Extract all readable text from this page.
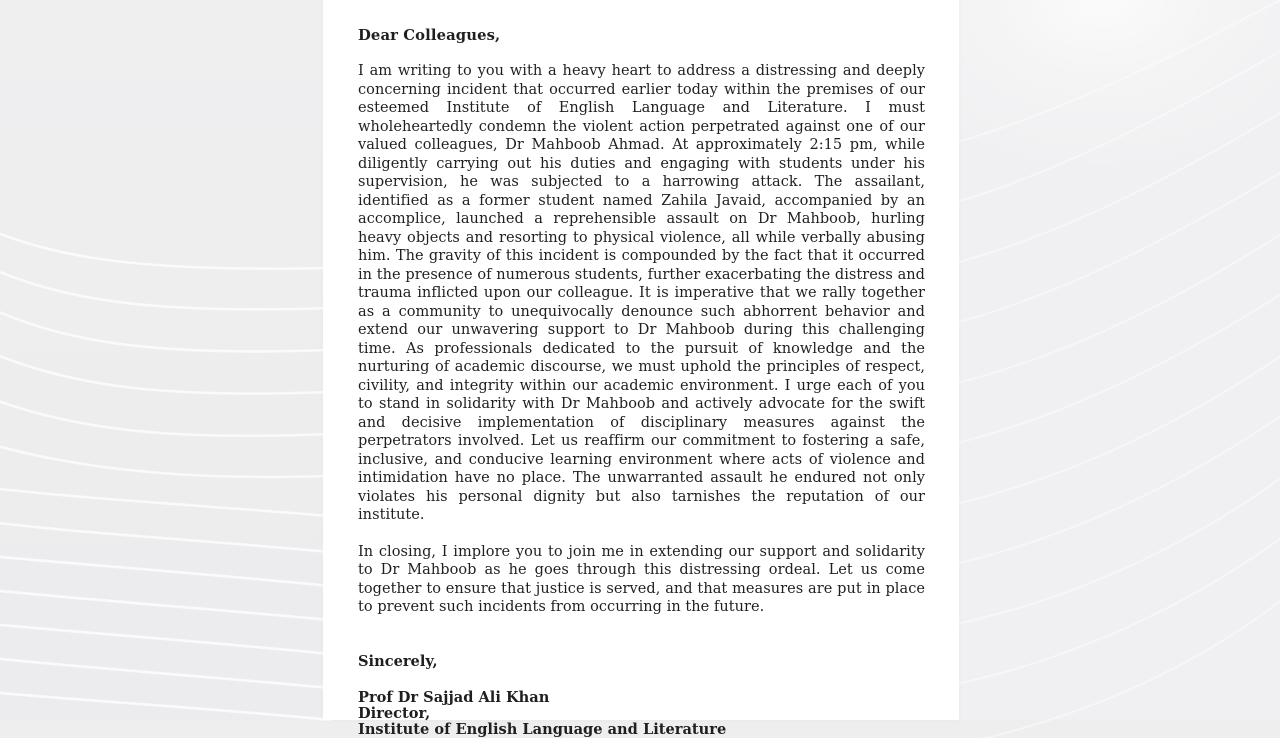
Dear Colleagues,

I am writing to you with a heavy heart to address a distressing and deeply concerning incident that occurred earlier today within the premises of our esteemed Institute of English Language and Literature. I must wholeheartedly condemn the violent action perpetrated against one of our valued colleagues, Dr Mahboob Ahmad. At approximately 2:15 pm, while diligently carrying out his duties and engaging with students under his supervision, he was subjected to a harrowing attack. The assailant, identified as a former student named Zahila Javaid, accompanied by an accomplice, launched a reprehensible assault on Dr Mahboob, hurling heavy objects and resorting to physical violence, all while verbally abusing him. The gravity of this incident is compounded by the fact that it occurred in the presence of numerous students, further exacerbating the distress and trauma inflicted upon our colleague. It is imperative that we rally together as a community to unequivocally denounce such abhorrent behavior and extend our unwavering support to Dr Mahboob during this challenging time. As professionals dedicated to the pursuit of knowledge and the nurturing of academic discourse, we must uphold the principles of respect, civility, and integrity within our academic environment. I urge each of you to stand in solidarity with Dr Mahboob and actively advocate for the swift and decisive implementation of disciplinary measures against the perpetrators involved. Let us reaffirm our commitment to fostering a safe, inclusive, and conducive learning environment where acts of violence and intimidation have no place. The unwarranted assault he endured not only violates his personal dignity but also tarnishes the reputation of our institute.

In closing, I implore you to join me in extending our support and solidarity to Dr Mahboob as he goes through this distressing ordeal. Let us come together to ensure that justice is served, and that measures are put in place to prevent such incidents from occurring in the future.

Sincerely,

Prof Dr Sajjad Ali Khan

Director,

Institute of English Language and Literature
